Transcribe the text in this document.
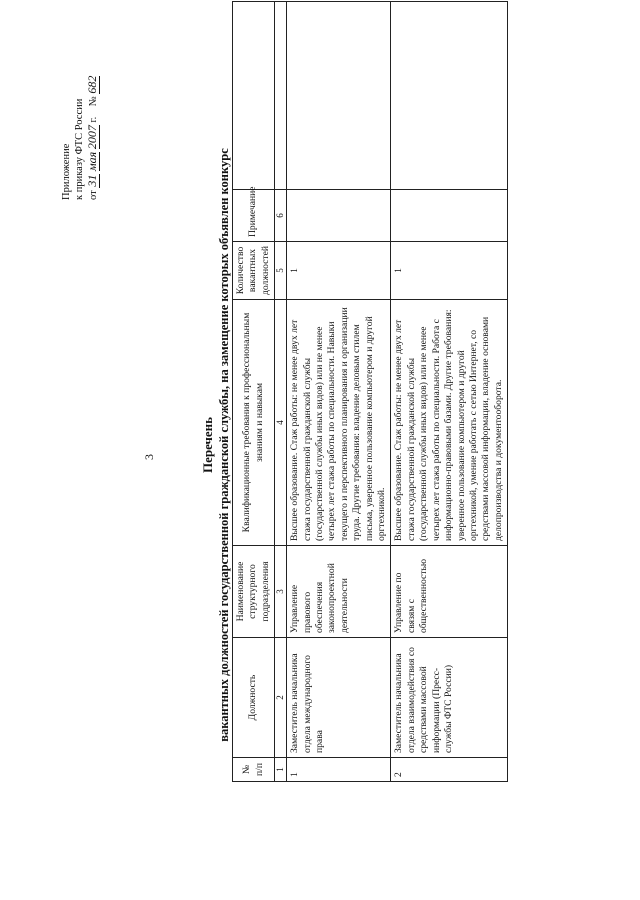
3
Приложение к приказу ФТС России от 31 мая 2007 г.    № 682
Перечень вакантных должностей государственной гражданской службы, на замещение которых объявлен конкурс
№ п/п	Должность	Наименование структурного подразделения	Квалификационные требования к профессиональным знаниям и навыкам	Количество вакантных должностей	Примечание	
1	2	3	4	5	6	
1	Заместитель начальника отдела международного права	Управление правового обеспечения законопроектной деятельности	Высшее образование. Стаж работы: не менее двух лет стажа государственной гражданской службы (государственной службы иных видов) или не менее четырех лет стажа работы по специальности. Навыки текущего и перспективного планирования и организации труда. Другие требования: владение деловым стилем письма, уверенное пользование компьютером и другой оргтехникой.	1		
2	Заместитель начальника отдела взаимодействия со средствами массовой информации (Пресс-службы ФТС России)	Управление по связям с общественностью	Высшее образование. Стаж работы: не менее двух лет стажа государственной гражданской службы (государственной службы иных видов) или не менее четырех лет стажа работы по специальности. Работа с информационно-правовыми базами. Другие требования: уверенное пользование компьютером и другой оргтехникой, умение работать с сетью Интернет, со средствами массовой информации, владение основами делопроизводства и документооборота.	1		
